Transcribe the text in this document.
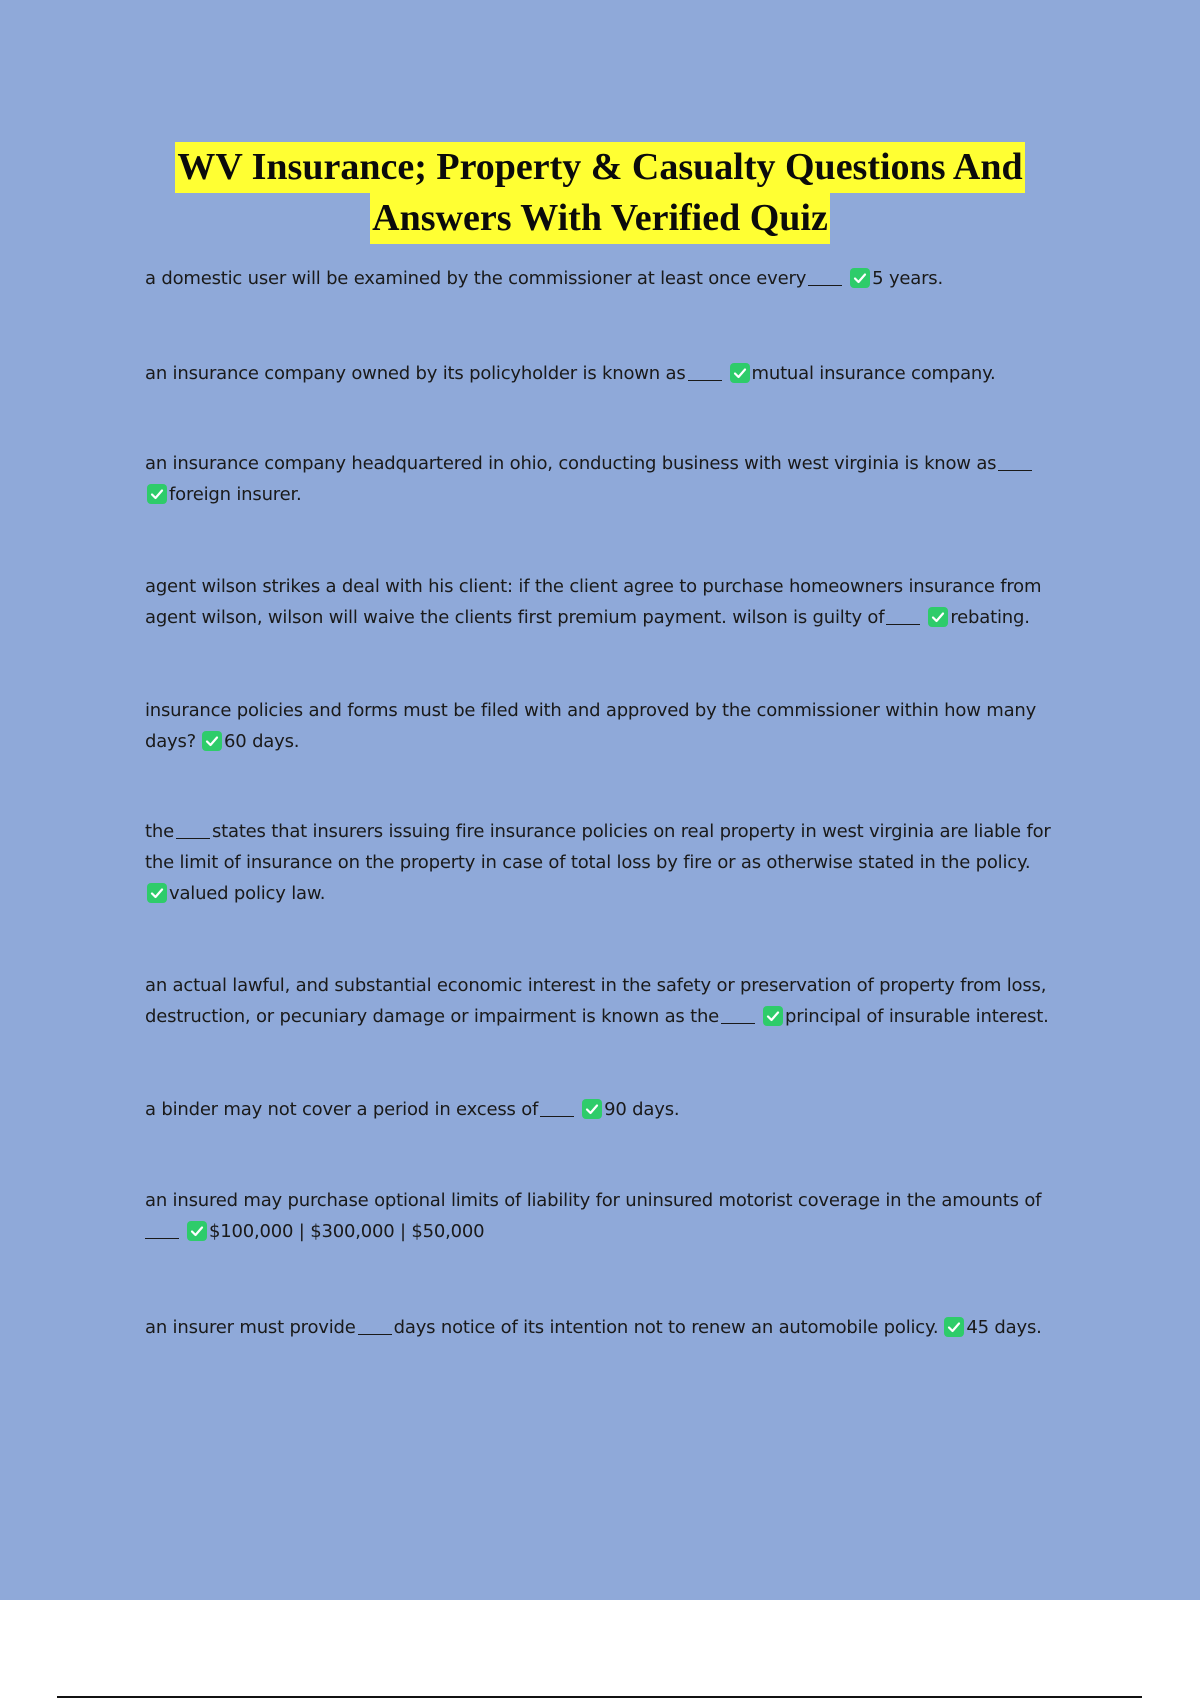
WV Insurance; Property & Casualty Questions And
Answers With Verified Quiz
a domestic user will be examined by the commissioner at least once every	5 years.
an insurance company owned by its policyholder is known as	mutual insurance company.
an insurance company headquartered in ohio, conducting business with west virginia is know as

foreign insurer.
agent wilson strikes a deal with his client: if the client agree to purchase homeowners insurance from agent wilson, wilson will waive the clients first premium payment. wilson is guilty of	rebating.
insurance policies and forms must be filed with and approved by the commissioner within how many days? 60 days.
the states that insurers issuing fire insurance policies on real property in west virginia are liable for the limit of insurance on the property in case of total loss by fire or as otherwise stated in the policy.

valued policy law.
an actual lawful, and substantial economic interest in the safety or preservation of property from loss, destruction, or pecuniary damage or impairment is known as the	principal of insurable interest.
a binder may not cover a period in excess of	90 days.
an insured may purchase optional limits of liability for uninsured motorist coverage in the amounts of

$100,000 | $300,000 | $50,000
an insurer must provide days notice of its intention not to renew an automobile policy. 45 days.
